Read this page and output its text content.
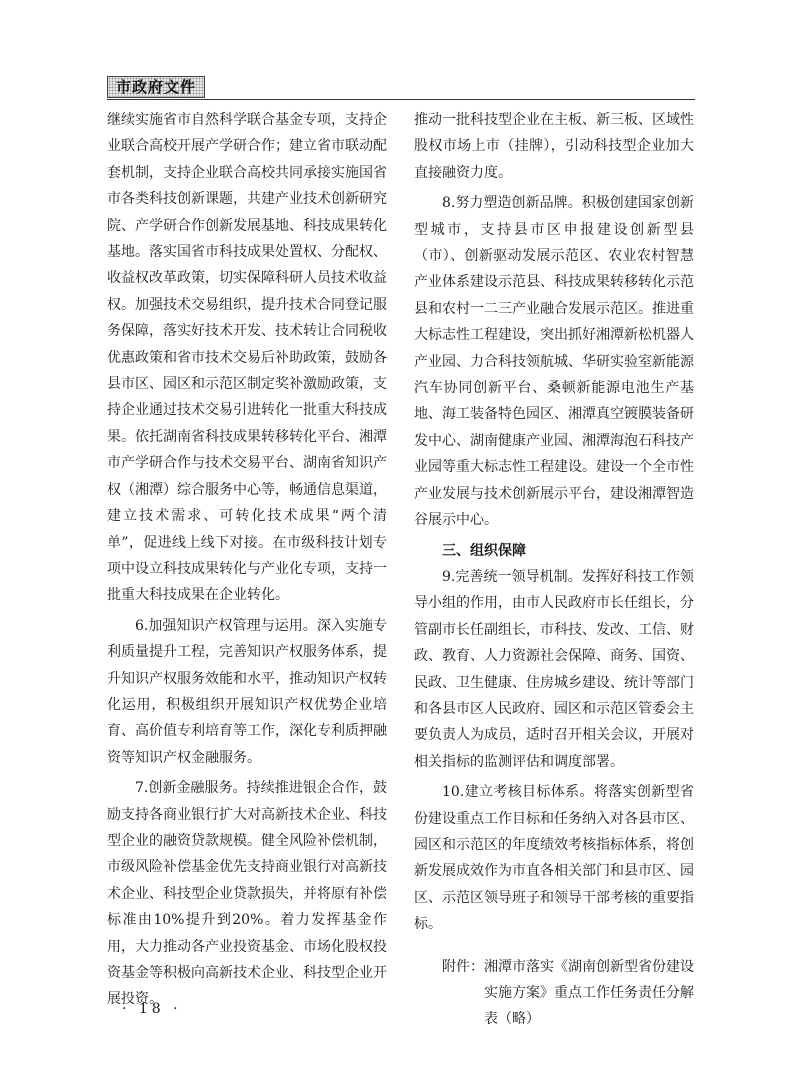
市政府文件

继续实施省市自然科学联合基金专项，支持企业联合高校开展产学研合作；建立省市联动配套机制，支持企业联合高校共同承接实施国省市各类科技创新课题，共建产业技术创新研究院、产学研合作创新发展基地、科技成果转化基地。落实国省市科技成果处置权、分配权、收益权改革政策，切实保障科研人员技术收益权。加强技术交易组织，提升技术合同登记服务保障，落实好技术开发、技术转让合同税收优惠政策和省市技术交易后补助政策，鼓励各县市区、园区和示范区制定奖补激励政策，支持企业通过技术交易引进转化一批重大科技成果。依托湖南省科技成果转移转化平台、湘潭市产学研合作与技术交易平台、湖南省知识产权（湘潭）综合服务中心等，畅通信息渠道，建立技术需求、可转化技术成果“两个清单”，促进线上线下对接。在市级科技计划专项中设立科技成果转化与产业化专项，支持一批重大科技成果在企业转化。

6.加强知识产权管理与运用。深入实施专利质量提升工程，完善知识产权服务体系，提升知识产权服务效能和水平，推动知识产权转化运用，积极组织开展知识产权优势企业培育、高价值专利培育等工作，深化专利质押融资等知识产权金融服务。

7.创新金融服务。持续推进银企合作，鼓励支持各商业银行扩大对高新技术企业、科技型企业的融资贷款规模。健全风险补偿机制，市级风险补偿基金优先支持商业银行对高新技术企业、科技型企业贷款损失，并将原有补偿标准由10%提升到20%。着力发挥基金作用，大力推动各产业投资基金、市场化股权投资基金等积极向高新技术企业、科技型企业开展投资。

推动一批科技型企业在主板、新三板、区域性股权市场上市（挂牌），引动科技型企业加大直接融资力度。

8.努力塑造创新品牌。积极创建国家创新型城市，支持县市区申报建设创新型县（市）、创新驱动发展示范区、农业农村智慧产业体系建设示范县、科技成果转移转化示范县和农村一二三产业融合发展示范区。推进重大标志性工程建设，突出抓好湘潭新松机器人产业园、力合科技领航城、华研实验室新能源汽车协同创新平台、桑顿新能源电池生产基地、海工装备特色园区、湘潭真空镀膜装备研发中心、湖南健康产业园、湘潭海泡石科技产业园等重大标志性工程建设。建设一个全市性产业发展与技术创新展示平台，建设湘潭智造谷展示中心。

三、组织保障

9.完善统一领导机制。发挥好科技工作领导小组的作用，由市人民政府市长任组长，分管副市长任副组长，市科技、发改、工信、财政、教育、人力资源社会保障、商务、国资、民政、卫生健康、住房城乡建设、统计等部门和各县市区人民政府、园区和示范区管委会主要负责人为成员，适时召开相关会议，开展对相关指标的监测评估和调度部署。

10.建立考核目标体系。将落实创新型省份建设重点工作目标和任务纳入对各县市区、园区和示范区的年度绩效考核指标体系，将创新发展成效作为市直各相关部门和县市区、园区、示范区领导班子和领导干部考核的重要指标。

附件： 湘潭市落实《湖南创新型省份建设实施方案》重点工作任务责任分解表（略）
· 18 ·
